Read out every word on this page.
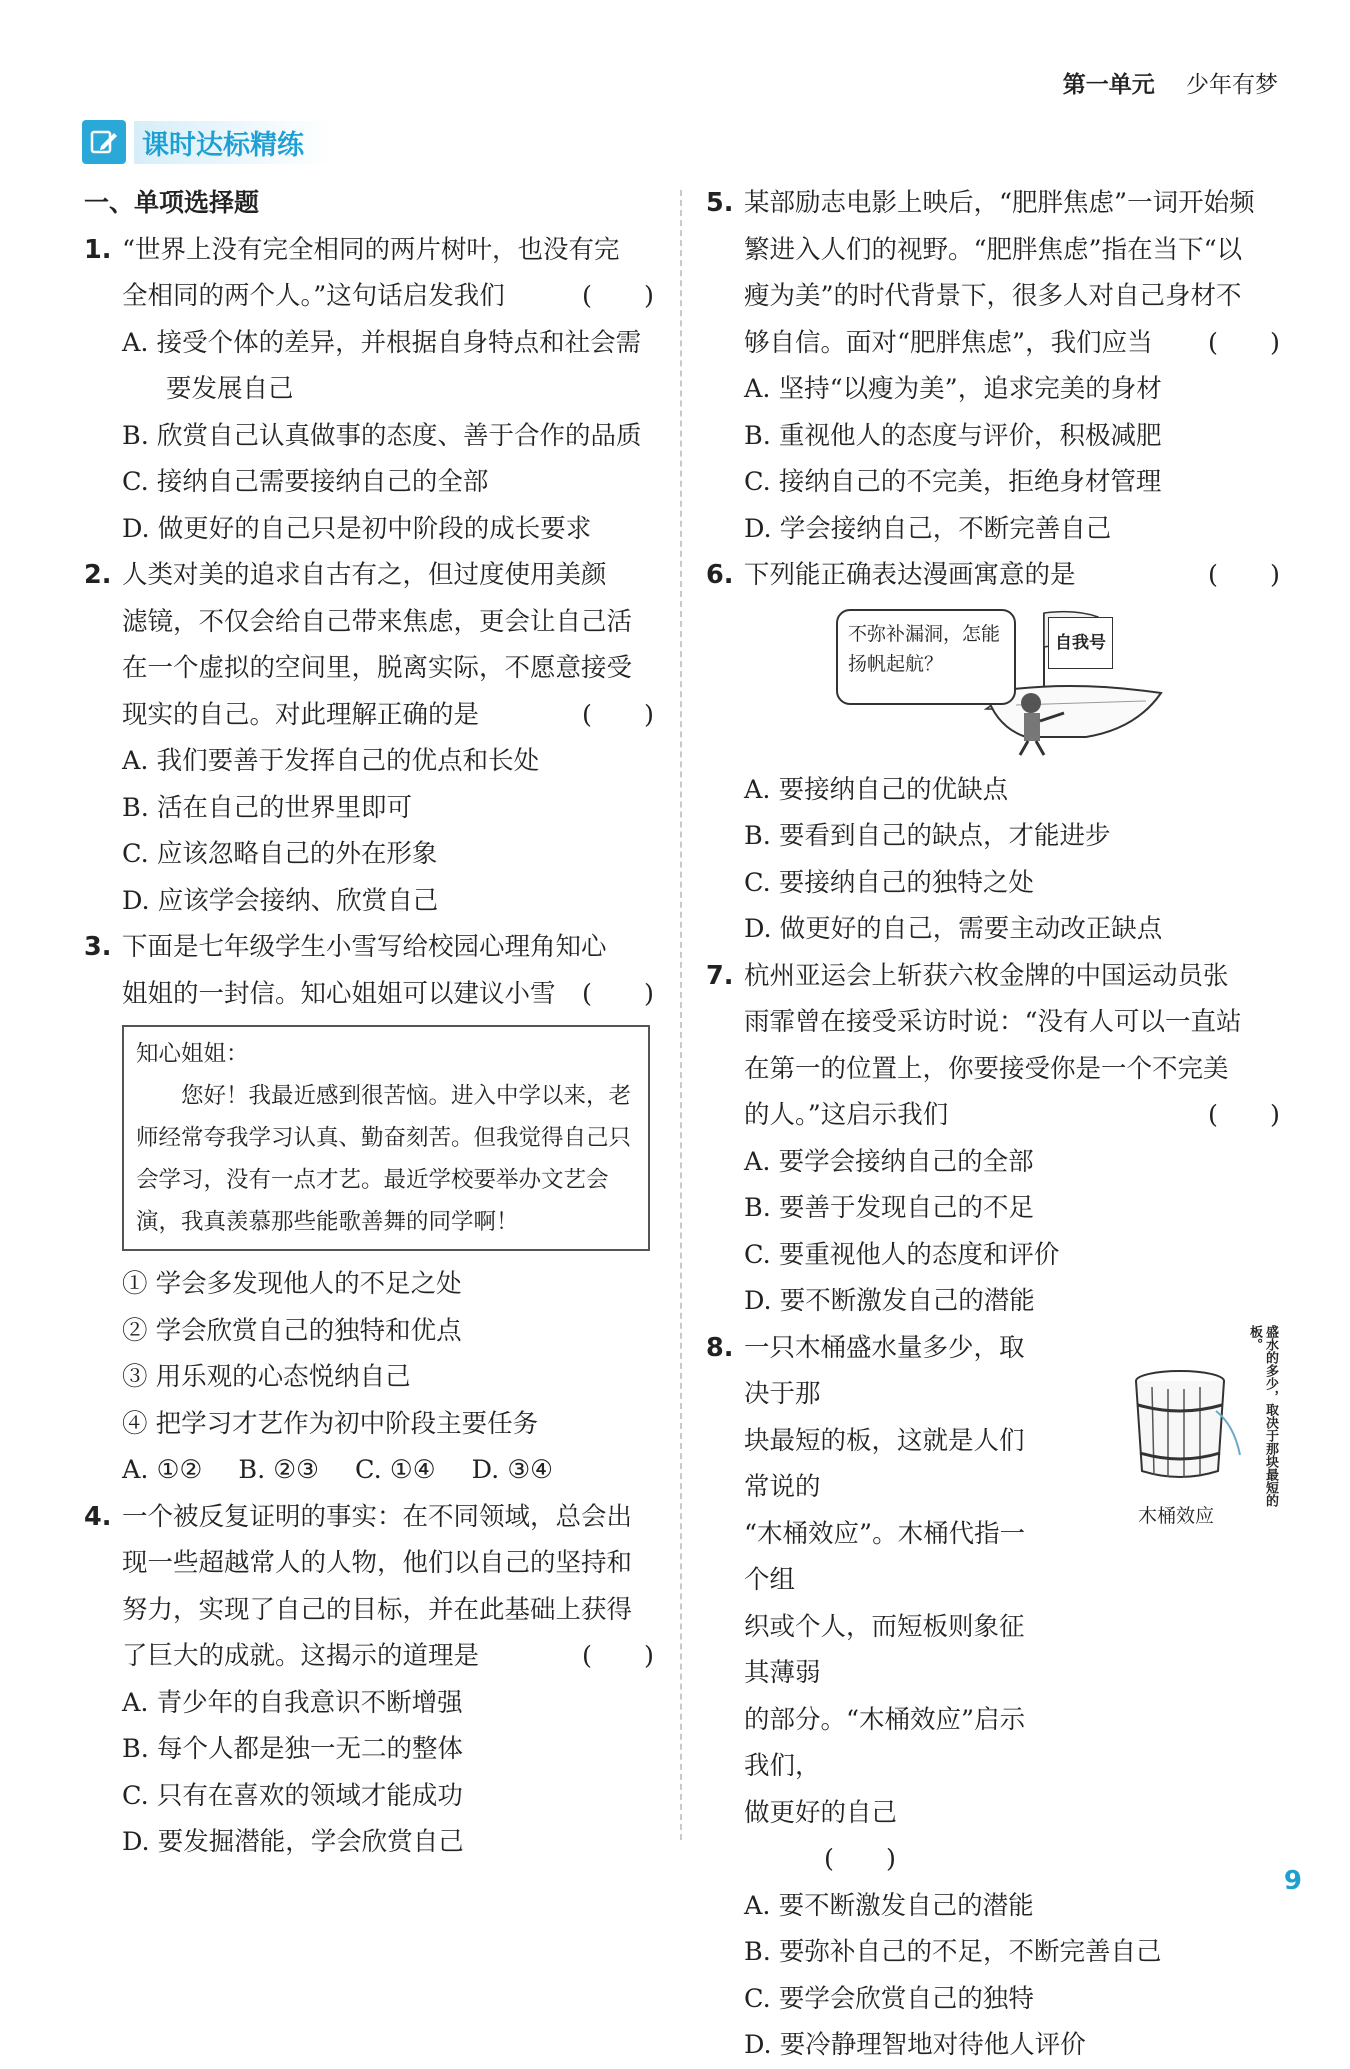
第一单元 少年有梦
课时达标精练
一、单项选择题
1. “世界上没有完全相同的两片树叶，也没有完
全相同的两个人。”这句话启发我们	( )
A. 接受个体的差异，并根据自身特点和社会需要发展自己
B. 欣赏自己认真做事的态度、善于合作的品质
C. 接纳自己需要接纳自己的全部
D. 做更好的自己只是初中阶段的成长要求
2. 人类对美的追求自古有之，但过度使用美颜
滤镜，不仅会给自己带来焦虑，更会让自己活
在一个虚拟的空间里，脱离实际，不愿意接受
现实的自己。对此理解正确的是	( )
A. 我们要善于发挥自己的优点和长处
B. 活在自己的世界里即可
C. 应该忽略自己的外在形象
D. 应该学会接纳、欣赏自己
3. 下面是七年级学生小雪写给校园心理角知心
姐姐的一封信。知心姐姐可以建议小雪 ( )
知心姐姐：
您好！我最近感到很苦恼。进入中学以来，老师经常夸我学习认真、勤奋刻苦。但我觉得自己只会学习，没有一点才艺。最近学校要举办文艺会演，我真羡慕那些能歌善舞的同学啊！
① 学会多发现他人的不足之处
② 学会欣赏自己的独特和优点
③ 用乐观的心态悦纳自己
④ 把学习才艺作为初中阶段主要任务
A. ①② B. ②③ C. ①④ D. ③④
4. 一个被反复证明的事实：在不同领域，总会出
现一些超越常人的人物，他们以自己的坚持和
努力，实现了自己的目标，并在此基础上获得
了巨大的成就。这揭示的道理是	( )
A. 青少年的自我意识不断增强
B. 每个人都是独一无二的整体
C. 只有在喜欢的领域才能成功
D. 要发掘潜能，学会欣赏自己
5. 某部励志电影上映后，“肥胖焦虑”一词开始频
繁进入人们的视野。“肥胖焦虑”指在当下“以
瘦为美”的时代背景下，很多人对自己身材不
够自信。面对“肥胖焦虑”，我们应当 ( )
A. 坚持“以瘦为美”，追求完美的身材
B. 重视他人的态度与评价，积极减肥
C. 接纳自己的不完美，拒绝身材管理
D. 学会接纳自己，不断完善自己
6. 下列能正确表达漫画寓意的是	( )
不弥补漏洞，怎能扬帆起航？
自我号
A. 要接纳自己的优缺点
B. 要看到自己的缺点，才能进步
C. 要接纳自己的独特之处
D. 做更好的自己，需要主动改正缺点
7. 杭州亚运会上斩获六枚金牌的中国运动员张
雨霏曾在接受采访时说：“没有人可以一直站
在第一的位置上，你要接受你是一个不完美
的人。”这启示我们	( )
A. 要学会接纳自己的全部
B. 要善于发现自己的不足
C. 要重视他人的态度和评价
D. 要不断激发自己的潜能
8. 一只木桶盛水量多少，取决于那
块最短的板，这就是人们常说的
“木桶效应”。木桶代指一个组
织或个人，而短板则象征其薄弱
的部分。“木桶效应”启示我们，
做更好的自己
( )
盛水的多少，取决于那块最短的板。
木桶效应
A. 要不断激发自己的潜能
B. 要弥补自己的不足，不断完善自己
C. 要学会欣赏自己的独特
D. 要冷静理智地对待他人评价
9
